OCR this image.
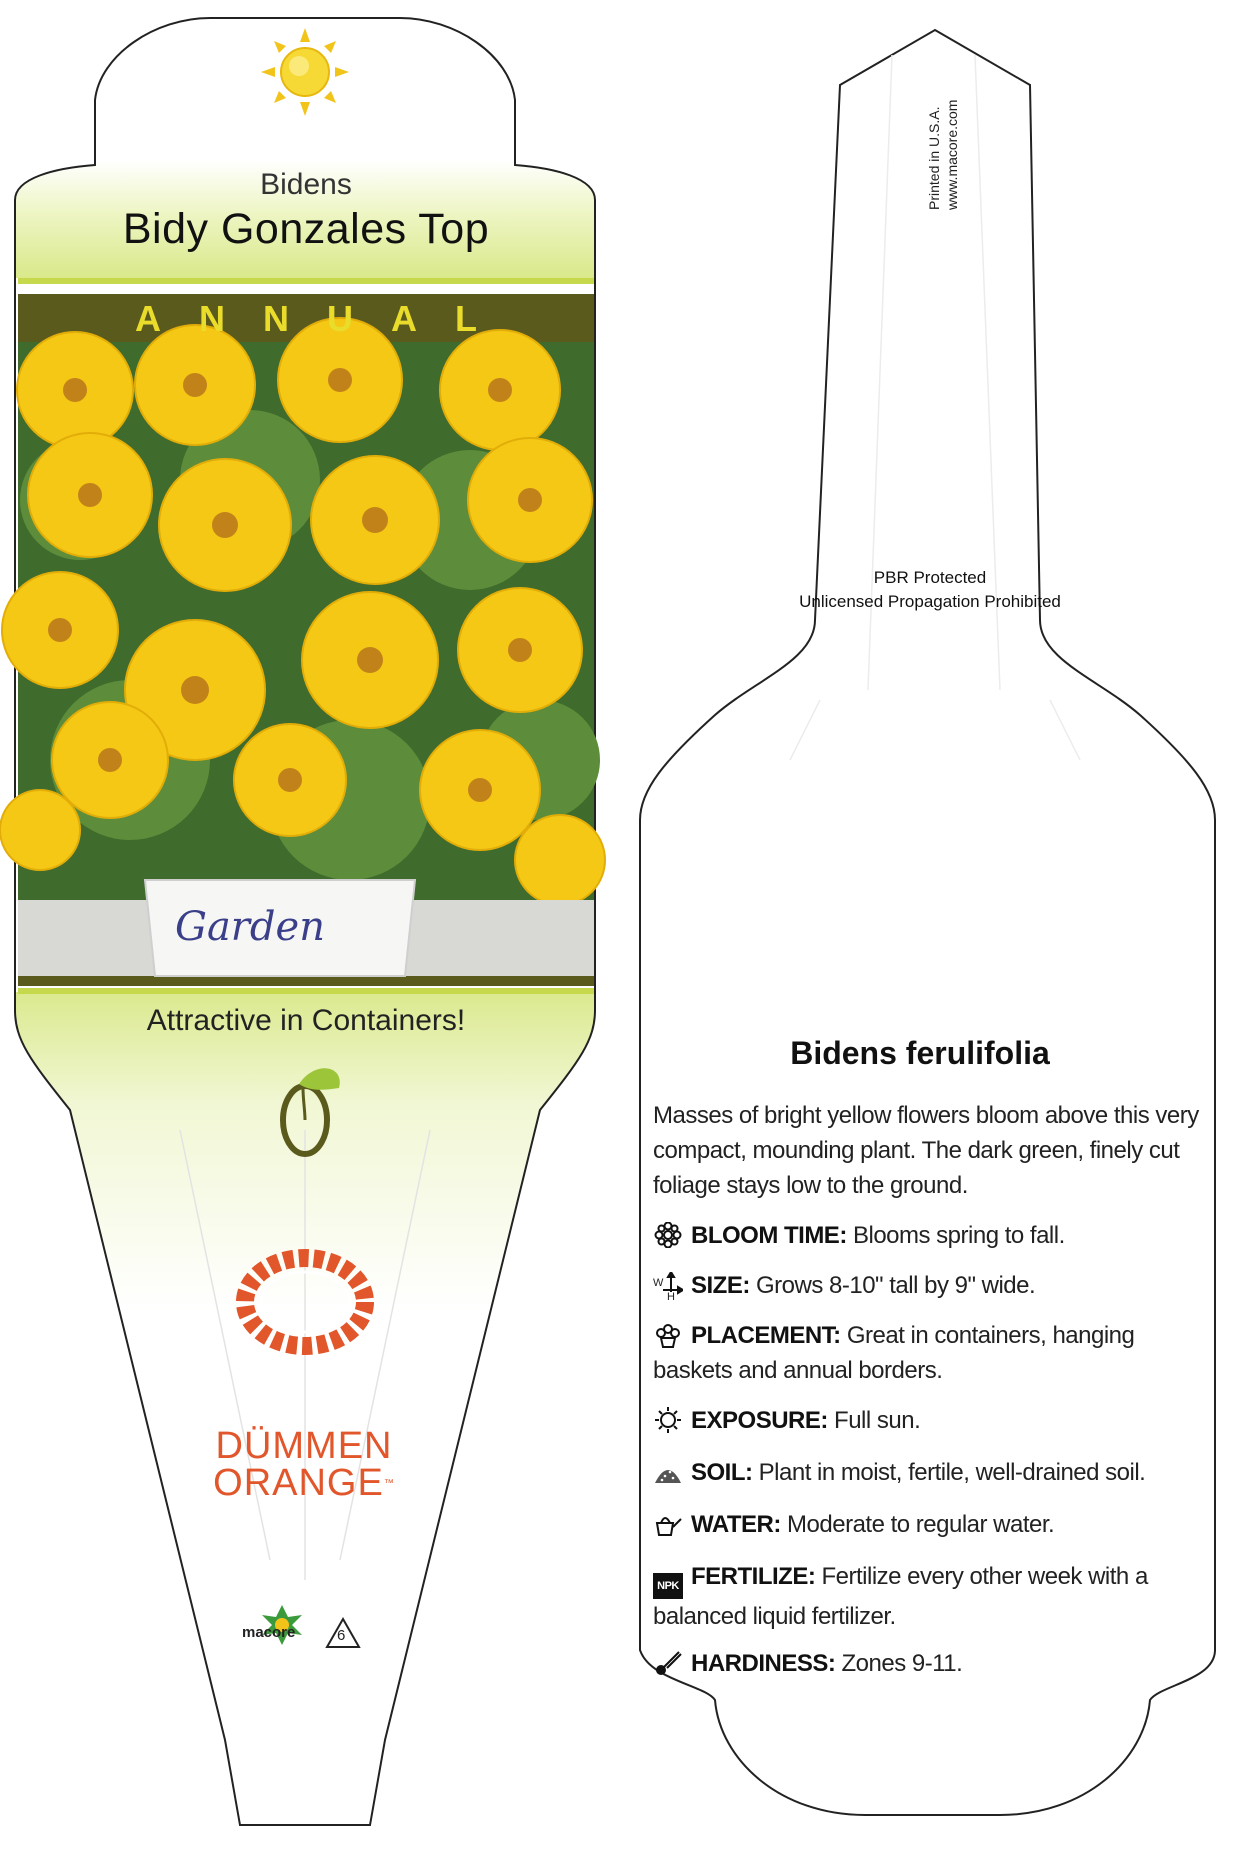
Garden
Bidens
Bidy Gonzales Top
ANNUAL
Attractive in Containers!
DÜMMEN
ORANGE™
macore	6
Printed in U.S.A. www.macore.com
PBR Protected
Unlicensed Propagation Prohibited
Bidens ferulifolia
Masses of bright yellow flowers bloom above this very compact, mounding plant. The dark green, finely cut foliage stays low to the ground.
BLOOM TIME: Blooms spring to fall.
W
H SIZE: Grows 8-10" tall by 9" wide.
PLACEMENT: Great in containers, hanging baskets and annual borders.
EXPOSURE: Full sun.
SOIL: Plant in moist, fertile, well-drained soil.
WATER: Moderate to regular water.
NPK FERTILIZE: Fertilize every other week with a balanced liquid fertilizer.
HARDINESS: Zones 9-11.
